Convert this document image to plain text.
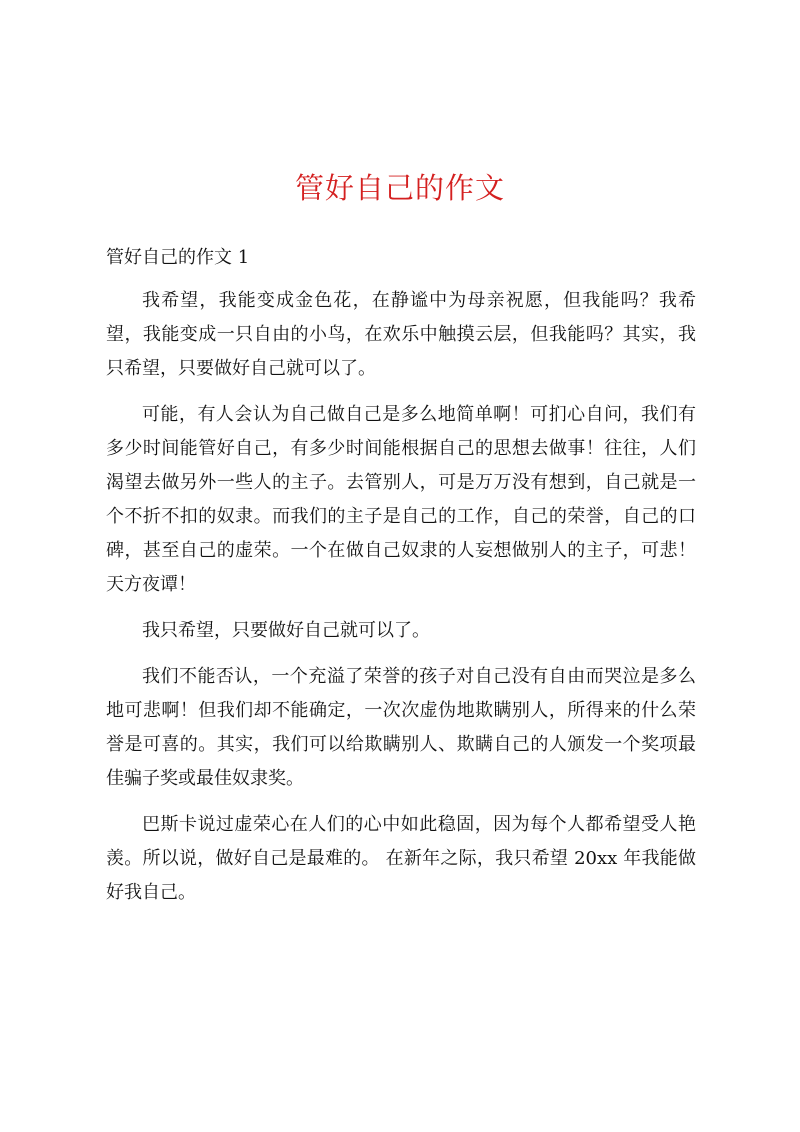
管好自己的作文

管好自己的作文 1

我希望，我能变成金色花，在静谧中为母亲祝愿，但我能吗？我希望，我能变成一只自由的小鸟，在欢乐中触摸云层，但我能吗？其实，我只希望，只要做好自己就可以了。

可能，有人会认为自己做自己是多么地简单啊！可扪心自问，我们有多少时间能管好自己，有多少时间能根据自己的思想去做事！往往，人们渴望去做另外一些人的主子。去管别人，可是万万没有想到，自己就是一个不折不扣的奴隶。而我们的主子是自己的工作，自己的荣誉，自己的口碑，甚至自己的虚荣。一个在做自己奴隶的人妄想做别人的主子，可悲！天方夜谭！

我只希望，只要做好自己就可以了。

我们不能否认，一个充溢了荣誉的孩子对自己没有自由而哭泣是多么地可悲啊！但我们却不能确定，一次次虚伪地欺瞒别人，所得来的什么荣誉是可喜的。其实，我们可以给欺瞒别人、欺瞒自己的人颁发一个奖项最佳骗子奖或最佳奴隶奖。

巴斯卡说过虚荣心在人们的心中如此稳固，因为每个人都希望受人艳羡。所以说，做好自己是最难的。 在新年之际，我只希望 20xx 年我能做好我自己。
